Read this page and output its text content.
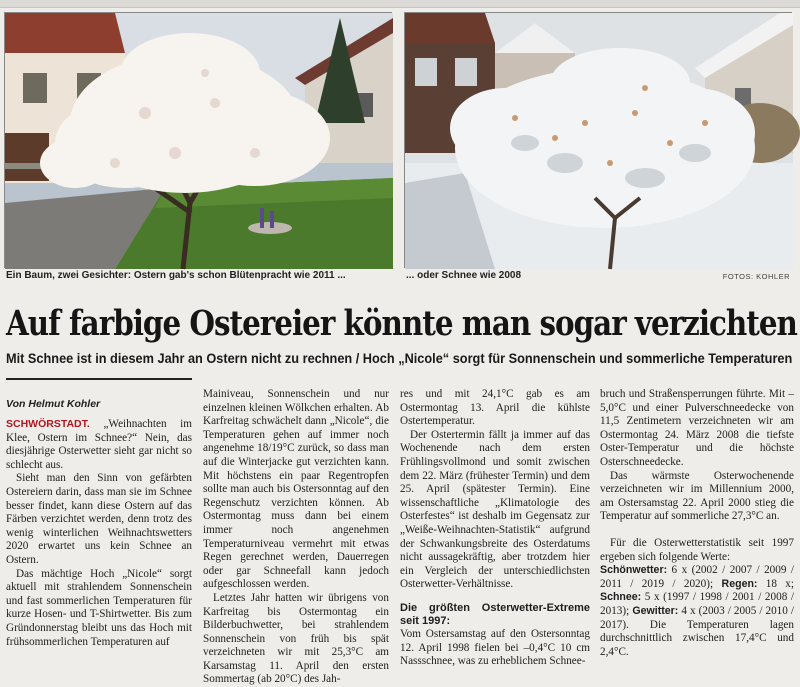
Ein Baum, zwei Gesichter: Ostern gab's schon Blütenpracht wie 2011 ...	... oder Schnee wie 2008	FOTOS: KOHLER
Auf farbige Ostereier könnte man sogar verzichten
Mit Schnee ist in diesem Jahr an Ostern nicht zu rechnen / Hoch „Nicole“ sorgt für Sonnenschein und sommerliche Temperaturen
Von Helmut Kohler

SCHWÖRSTADT. „Weihnachten im Klee, Ostern im Schnee?“ Nein, das diesjährige Osterwetter sieht gar nicht so schlecht aus.

Sieht man den Sinn von gefärbten Ostereiern darin, dass man sie im Schnee besser findet, kann diese Ostern auf das Färben verzichtet werden, denn trotz des wenig winterlichen Weihnachtswetters 2020 erwartet uns kein Schnee an Ostern.

Das mächtige Hoch „Nicole“ sorgt aktuell mit strahlendem Sonnenschein und fast sommerlichen Temperaturen für kurze Hosen- und T-Shirtwetter. Bis zum Gründonnerstag bleibt uns das Hoch mit frühsommerlichen Temperaturen auf

Mainiveau, Sonnenschein und nur einzelnen kleinen Wölkchen erhalten. Ab Karfreitag schwächelt dann „Nicole“, die Temperaturen gehen auf immer noch angenehme 18/19°C zurück, so dass man auf die Winterjacke gut verzichten kann. Mit höchstens ein paar Regentropfen sollte man auch bis Ostersonntag auf den Regenschutz verzichten können. Ab Ostermontag muss dann bei einem immer noch angenehmen Temperaturniveau vermehrt mit etwas Regen gerechnet werden, Dauerregen oder gar Schneefall kann jedoch aufgeschlossen werden.

Letztes Jahr hatten wir übrigens von Karfreitag bis Ostermontag ein Bilderbuchwetter, bei strahlendem Sonnenschein von früh bis spät verzeichneten wir mit 25,3°C am Karsamstag 11. April den ersten Sommertag (ab 20°C) des Jah-

res und mit 24,1°C gab es am Ostermontag 13. April die kühlste Ostertemperatur.

Der Ostertermin fällt ja immer auf das Wochenende nach dem ersten Frühlingsvollmond und somit zwischen dem 22. März (frühester Termin) und dem 25. April (spätester Termin). Eine wissenschaftliche „Klimatologie des Osterfestes“ ist deshalb im Gegensatz zur „Weiße-Weihnachten-Statistik“ aufgrund der Schwankungsbreite des Osterdatums nicht aussagekräftig, aber trotzdem hier ein Vergleich der unterschiedlichsten Osterwetter-Verhältnisse.

Die größten Osterwetter-Extreme seit 1997:

Vom Ostersamstag auf den Ostersonntag 12. April 1998 fielen bei –0,4°C 10 cm Nassschnee, was zu erheblichem Schnee-

bruch und Straßensperrungen führte. Mit –5,0°C und einer Pulverschneedecke von 11,5 Zentimetern verzeichneten wir am Ostermontag 24. März 2008 die tiefste Oster-Temperatur und die höchste Osterschneedecke.

Das wärmste Osterwochenende verzeichneten wir im Millennium 2000, am Ostersamstag 22. April 2000 stieg die Temperatur auf sommerliche 27,3°C an.

Für die Osterwetterstatistik seit 1997 ergeben sich folgende Werte:

Schönwetter: 6 x (2002 / 2007 / 2009 / 2011 / 2019 / 2020); Regen: 18 x; Schnee: 5 x (1997 / 1998 / 2001 / 2008 / 2013); Gewitter: 4 x (2003 / 2005 / 2010 / 2017). Die Temperaturen lagen durchschnittlich zwischen 17,4°C und 2,4°C.
